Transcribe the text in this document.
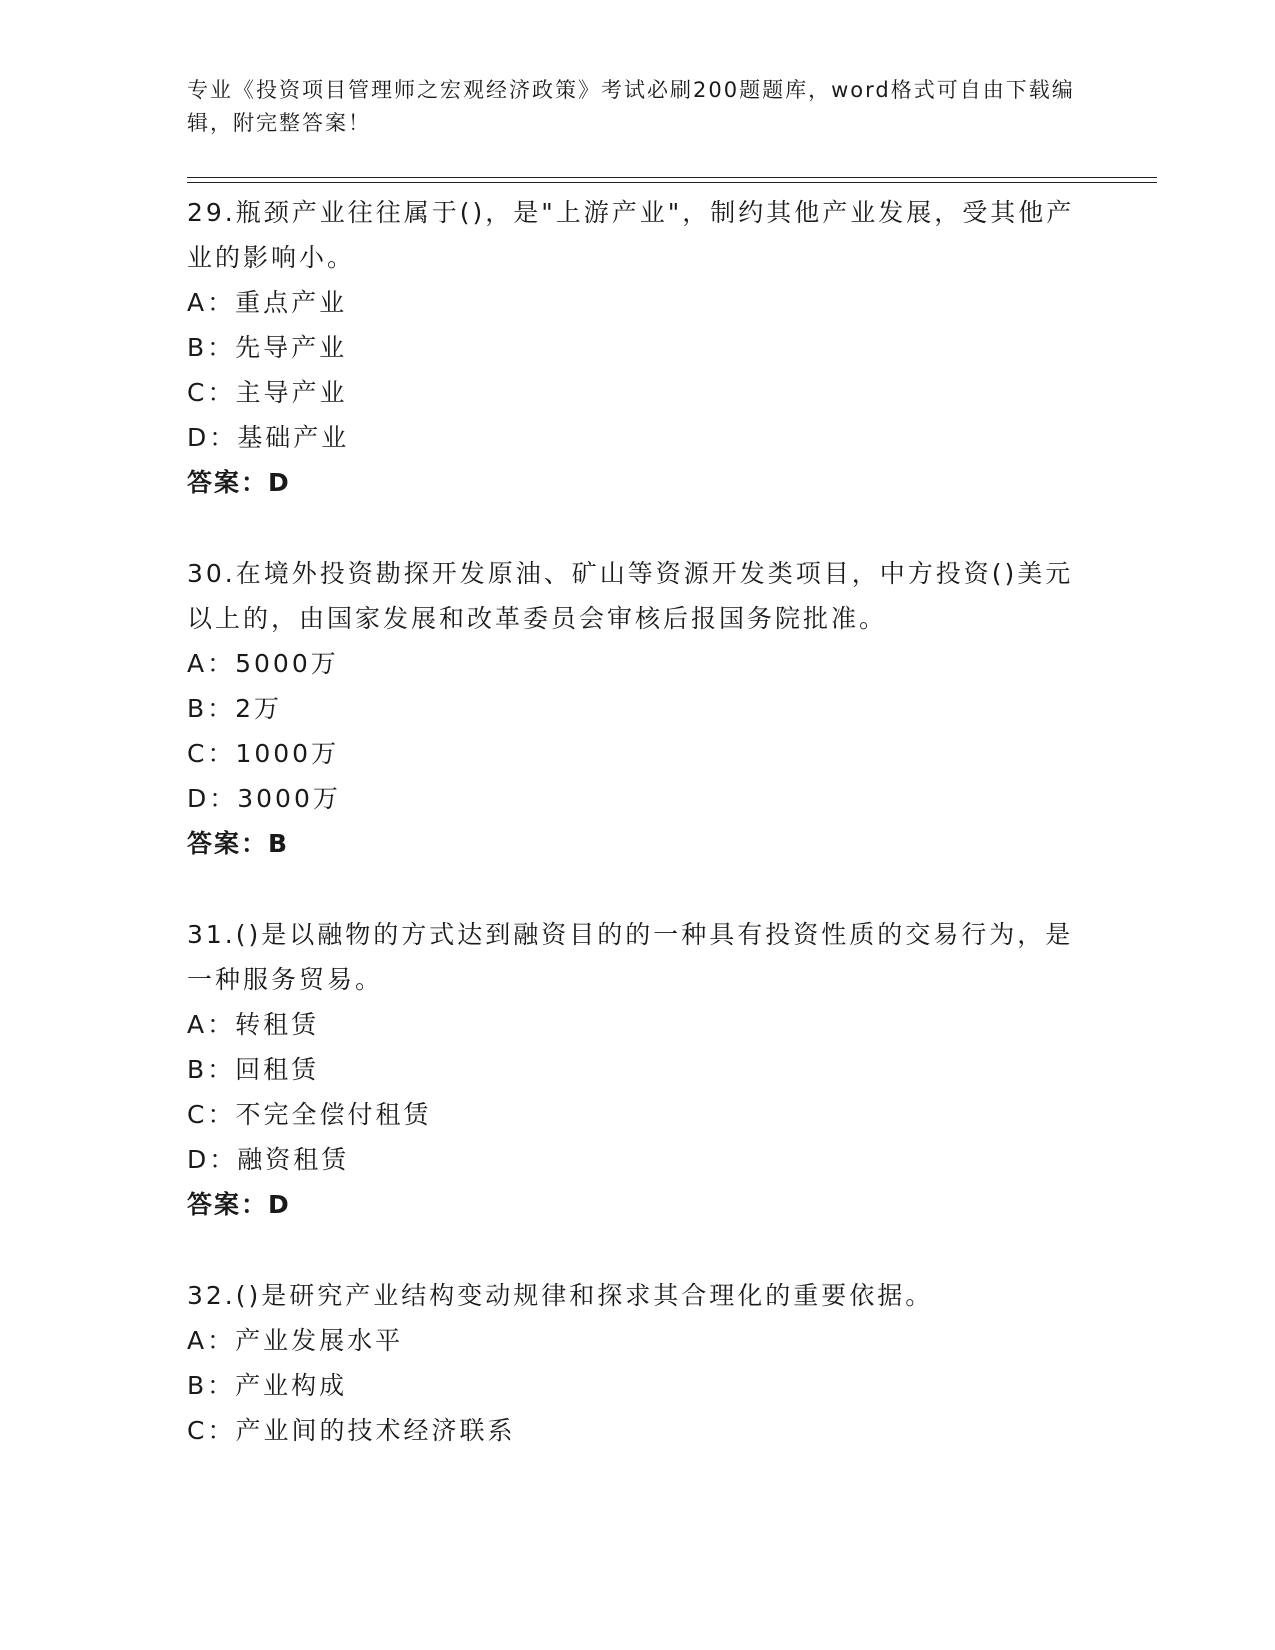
专业《投资项目管理师之宏观经济政策》考试必刷200题题库，word格式可自由下载编辑，附完整答案！

29.瓶颈产业往往属于()，是"上游产业"，制约其他产业发展，受其他产业的影响小。

A：重点产业

B：先导产业

C：主导产业

D：基础产业

答案：D

30.在境外投资勘探开发原油、矿山等资源开发类项目，中方投资()美元以上的，由国家发展和改革委员会审核后报国务院批准。

A：5000万

B：2万

C：1000万

D：3000万

答案：B

31.()是以融物的方式达到融资目的的一种具有投资性质的交易行为，是一种服务贸易。

A：转租赁

B：回租赁

C：不完全偿付租赁

D：融资租赁

答案：D

32.()是研究产业结构变动规律和探求其合理化的重要依据。

A：产业发展水平

B：产业构成

C：产业间的技术经济联系
